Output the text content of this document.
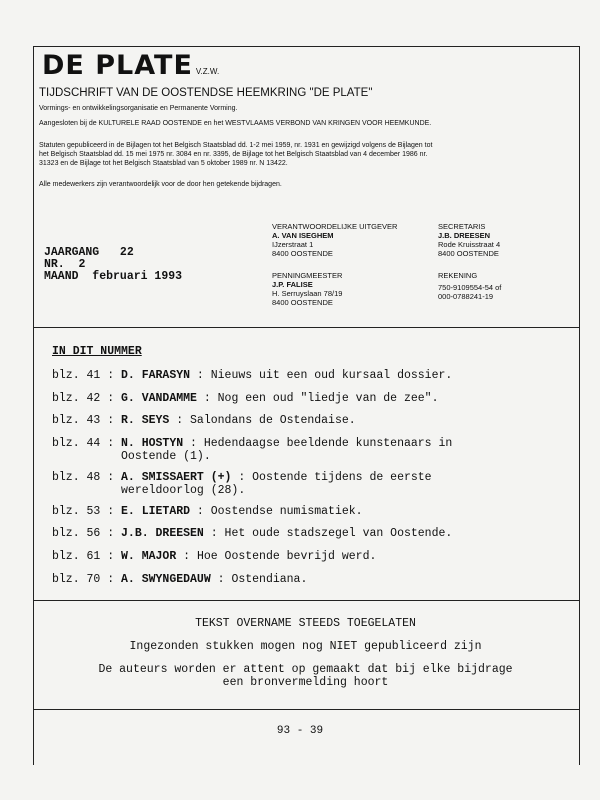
DE PLATE V.Z.W.
TIJDSCHRIFT VAN DE OOSTENDSE HEEMKRING "DE PLATE"
Vormings- en ontwikkelingsorganisatie en Permanente Vorming.
Aangesloten bij de KULTURELE RAAD OOSTENDE en het WESTVLAAMS VERBOND VAN KRINGEN VOOR HEEMKUNDE.
Statuten gepubliceerd in de Bijlagen tot het Belgisch Staatsblad dd. 1-2 mei 1959, nr. 1931 en gewijzigd volgens de Bijlagen tot
het Belgisch Staatsblad dd. 15 mei 1975 nr. 3084 en nr. 3395, de Bijlage tot het Belgisch Staatsblad van 4 december 1986 nr.
31323 en de Bijlage tot het Belgisch Staatsblad van 5 oktober 1989 nr. N 13422.
Alle medewerkers zijn verantwoordelijk voor de door hen getekende bijdragen.
JAARGANG   22
NR.  2
MAAND  februari 1993
VERANTWOORDELIJKE UITGEVER
A. VAN ISEGHEM
IJzerstraat 1
8400 OOSTENDE
SECRETARIS
J.B. DREESEN
Rode Kruisstraat 4
8400 OOSTENDE
PENNINGMEESTER
J.P. FALISE
H. Serruyslaan 78/19
8400 OOSTENDE
REKENING
750-9109554-54 of
000-0788241-19
IN DIT NUMMER
blz. 41 : D. FARASYN : Nieuws uit een oud kursaal dossier.
blz. 42 : G. VANDAMME : Nog een oud "liedje van de zee".
blz. 43 : R. SEYS : Salondans de Ostendaise.
blz. 44 : N. HOSTYN : Hedendaagse beeldende kunstenaars in
Oostende (1).
blz. 48 : A. SMISSAERT (+) : Oostende tijdens de eerste
wereldoorlog (28).
blz. 53 : E. LIETARD : Oostendse numismatiek.
blz. 56 : J.B. DREESEN : Het oude stadszegel van Oostende.
blz. 61 : W. MAJOR : Hoe Oostende bevrijd werd.
blz. 70 : A. SWYNGEDAUW : Ostendiana.
TEKST OVERNAME STEEDS TOEGELATEN
Ingezonden stukken mogen nog NIET gepubliceerd zijn
De auteurs worden er attent op gemaakt dat bij elke bijdrage
een bronvermelding hoort
93 - 39
